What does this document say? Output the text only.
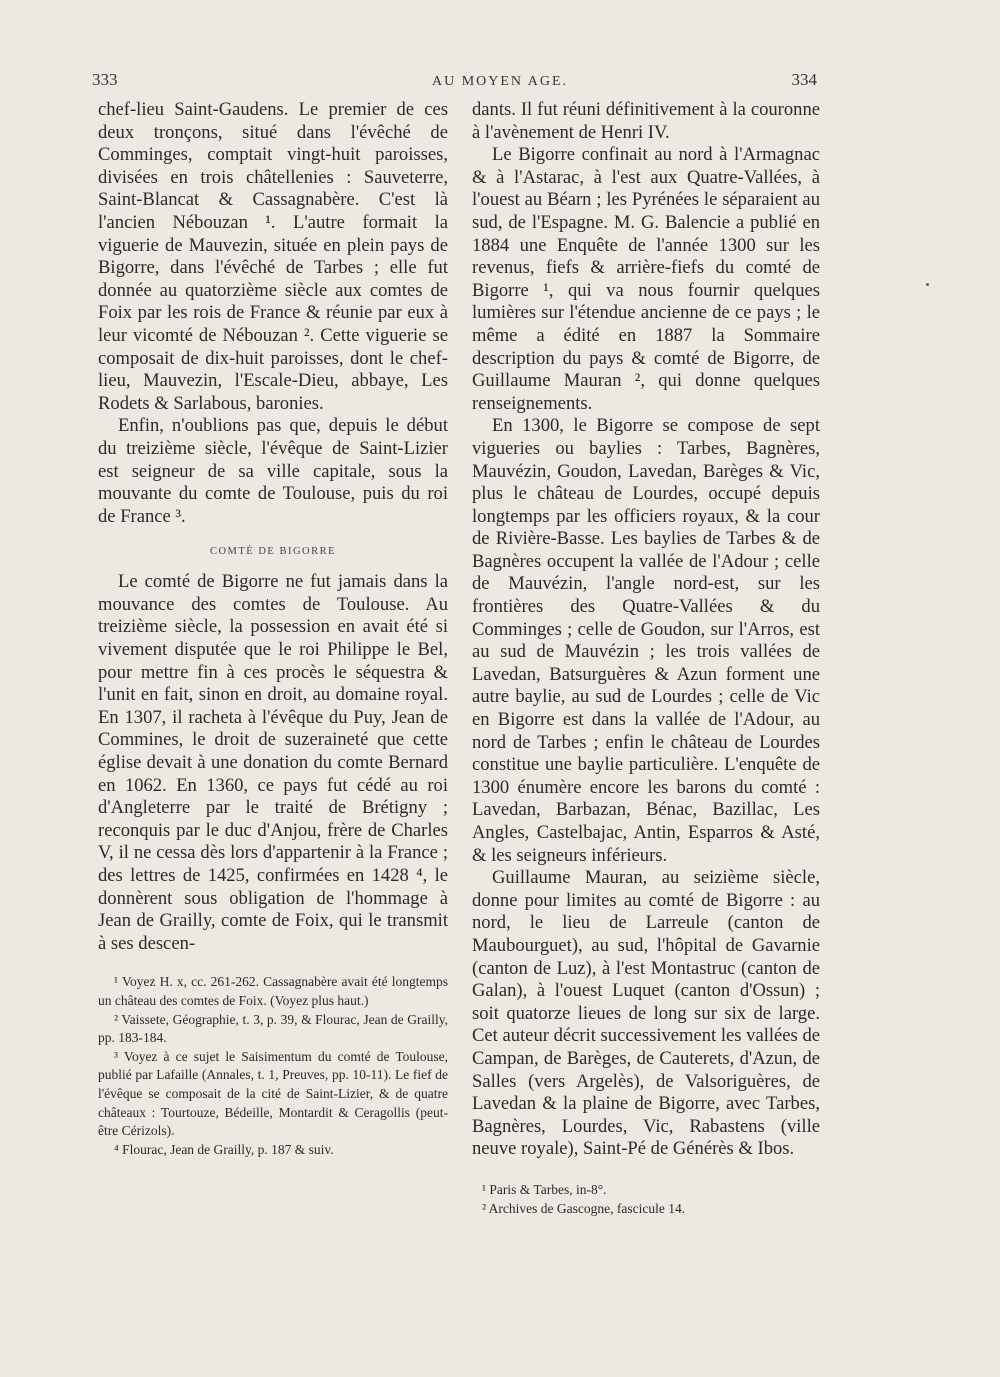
333	AU MOYEN AGE.	334

chef-lieu Saint-Gaudens. Le premier de ces deux tronçons, situé dans l'évêché de Comminges, comptait vingt-huit paroisses, divisées en trois châtellenies : Sauveterre, Saint-Blancat & Cassagnabère. C'est là l'ancien Nébouzan ¹. L'autre formait la viguerie de Mauvezin, située en plein pays de Bigorre, dans l'évêché de Tarbes ; elle fut donnée au quatorzième siècle aux comtes de Foix par les rois de France & réunie par eux à leur vicomté de Nébouzan ². Cette viguerie se composait de dix-huit paroisses, dont le chef-lieu, Mauvezin, l'Escale-Dieu, abbaye, Les Rodets & Sarlabous, baronies.

Enfin, n'oublions pas que, depuis le début du treizième siècle, l'évêque de Saint-Lizier est seigneur de sa ville capitale, sous la mouvante du comte de Toulouse, puis du roi de France ³.

COMTÉ DE BIGORRE

Le comté de Bigorre ne fut jamais dans la mouvance des comtes de Toulouse. Au treizième siècle, la possession en avait été si vivement disputée que le roi Philippe le Bel, pour mettre fin à ces procès le séquestra & l'unit en fait, sinon en droit, au domaine royal. En 1307, il racheta à l'évêque du Puy, Jean de Commines, le droit de suzeraineté que cette église devait à une donation du comte Bernard en 1062. En 1360, ce pays fut cédé au roi d'Angleterre par le traité de Brétigny ; reconquis par le duc d'Anjou, frère de Charles V, il ne cessa dès lors d'appartenir à la France ; des lettres de 1425, confirmées en 1428 ⁴, le donnèrent sous obligation de l'hommage à Jean de Grailly, comte de Foix, qui le transmit à ses descen-

¹ Voyez H. x, cc. 261-262. Cassagnabère avait été longtemps un château des comtes de Foix. (Voyez plus haut.)

² Vaissete, Géographie, t. 3, p. 39, & Flourac, Jean de Grailly, pp. 183-184.

³ Voyez à ce sujet le Saisimentum du comté de Toulouse, publié par Lafaille (Annales, t. 1, Preuves, pp. 10-11). Le fief de l'évêque se composait de la cité de Saint-Lizier, & de quatre châteaux : Tourtouze, Bédeille, Montardit & Ceragollis (peut-être Cérizols).

⁴ Flourac, Jean de Grailly, p. 187 & suiv.

dants. Il fut réuni définitivement à la couronne à l'avènement de Henri IV.

Le Bigorre confinait au nord à l'Armagnac & à l'Astarac, à l'est aux Quatre-Vallées, à l'ouest au Béarn ; les Pyrénées le séparaient au sud, de l'Espagne. M. G. Balencie a publié en 1884 une Enquête de l'année 1300 sur les revenus, fiefs & arrière-fiefs du comté de Bigorre ¹, qui va nous fournir quelques lumières sur l'étendue ancienne de ce pays ; le même a édité en 1887 la Sommaire description du pays & comté de Bigorre, de Guillaume Mauran ², qui donne quelques renseignements.

En 1300, le Bigorre se compose de sept vigueries ou baylies : Tarbes, Bagnères, Mauvézin, Goudon, Lavedan, Barèges & Vic, plus le château de Lourdes, occupé depuis longtemps par les officiers royaux, & la cour de Rivière-Basse. Les baylies de Tarbes & de Bagnères occupent la vallée de l'Adour ; celle de Mauvézin, l'angle nord-est, sur les frontières des Quatre-Vallées & du Comminges ; celle de Goudon, sur l'Arros, est au sud de Mauvézin ; les trois vallées de Lavedan, Batsurguères & Azun forment une autre baylie, au sud de Lourdes ; celle de Vic en Bigorre est dans la vallée de l'Adour, au nord de Tarbes ; enfin le château de Lourdes constitue une baylie particulière. L'enquête de 1300 énumère encore les barons du comté : Lavedan, Barbazan, Bénac, Bazillac, Les Angles, Castelbajac, Antin, Esparros & Asté, & les seigneurs inférieurs.

Guillaume Mauran, au seizième siècle, donne pour limites au comté de Bigorre : au nord, le lieu de Larreule (canton de Maubourguet), au sud, l'hôpital de Gavarnie (canton de Luz), à l'est Montastruc (canton de Galan), à l'ouest Luquet (canton d'Ossun) ; soit quatorze lieues de long sur six de large. Cet auteur décrit successivement les vallées de Campan, de Barèges, de Cauterets, d'Azun, de Salles (vers Argelès), de Valsoriguères, de Lavedan & la plaine de Bigorre, avec Tarbes, Bagnères, Lourdes, Vic, Rabastens (ville neuve royale), Saint-Pé de Générès & Ibos.

¹ Paris & Tarbes, in-8°.

² Archives de Gascogne, fascicule 14.
